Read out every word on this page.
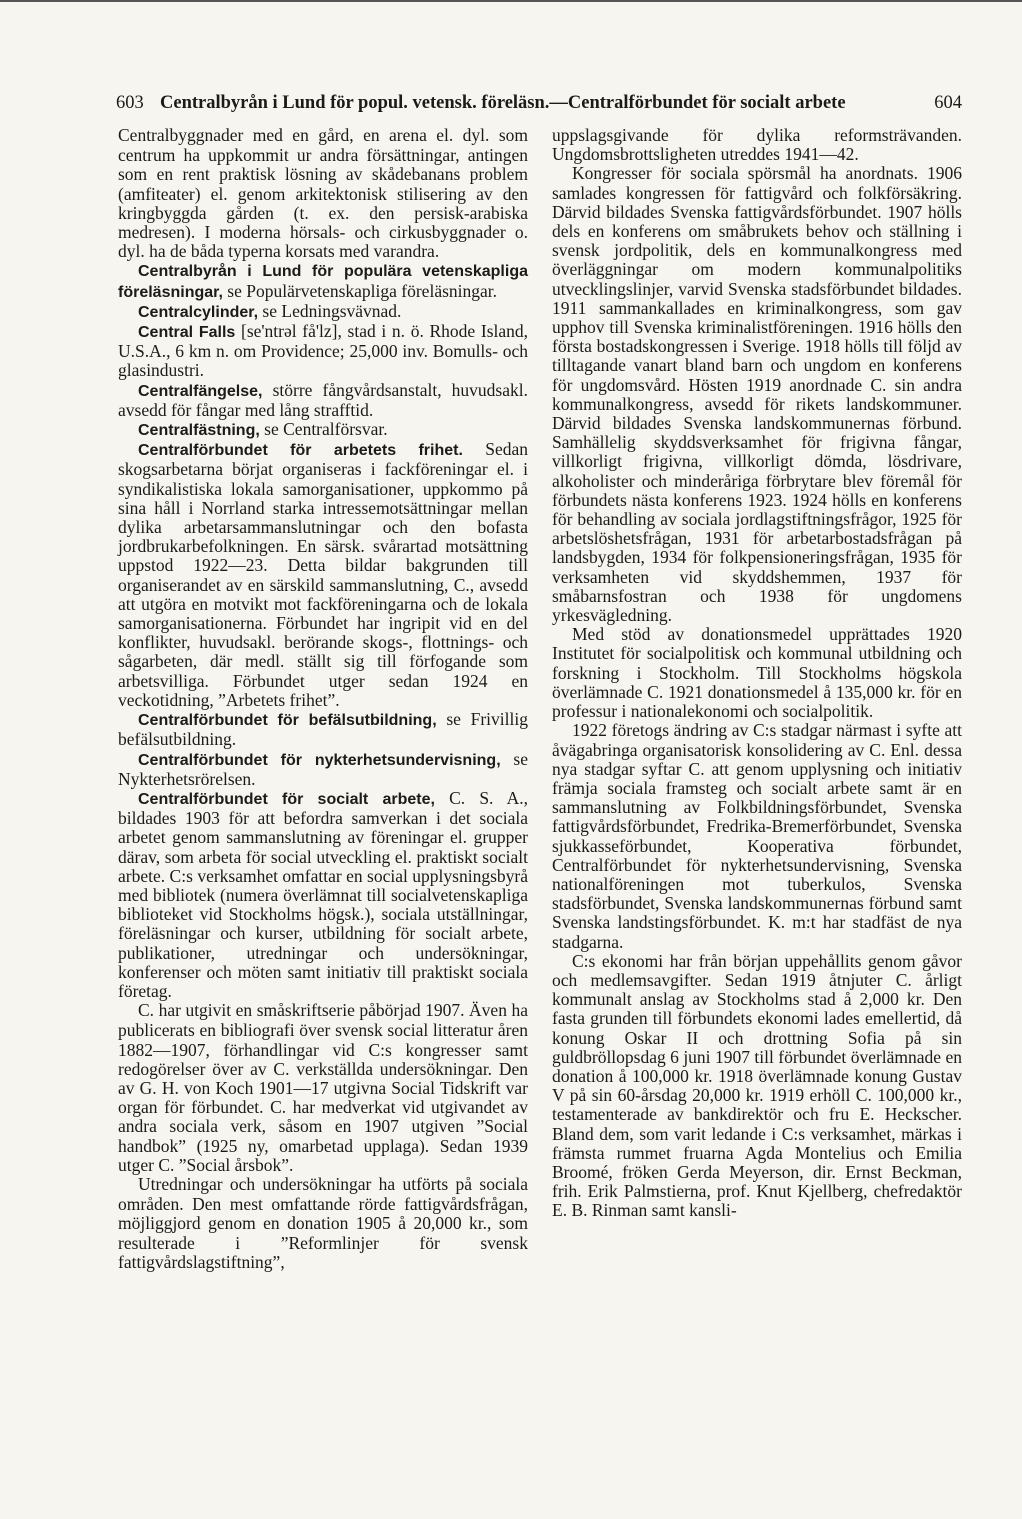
603 Centralbyrån i Lund för popul. vetensk. föreläsn.—Centralförbundet för socialt arbete	604

Centralbyggnader med en gård, en arena el. dyl. som centrum ha uppkommit ur andra försättningar, antingen som en rent praktisk lösning av skådebanans problem (amfiteater) el. genom arkitektonisk stilisering av den kringbyggda gården (t. ex. den persisk-arabiska medresen). I moderna hörsals- och cirkusbyggnader o. dyl. ha de båda typerna korsats med varandra.

Centralbyrån i Lund för populära vetenskapliga föreläsningar, se Populärvetenskapliga föreläsningar.

Centralcylinder, se Ledningsvävnad.

Central Falls [se'ntrəl få'lz], stad i n. ö. Rhode Island, U.S.A., 6 km n. om Providence; 25,000 inv. Bomulls- och glasindustri.

Centralfängelse, större fångvårdsanstalt, huvudsakl. avsedd för fångar med lång strafftid.

Centralfästning, se Centralförsvar.

Centralförbundet för arbetets frihet. Sedan skogsarbetarna börjat organiseras i fackföreningar el. i syndikalistiska lokala samorganisationer, uppkommo på sina håll i Norrland starka intressemotsättningar mellan dylika arbetarsammanslutningar och den bofasta jordbrukarbefolkningen. En särsk. svårartad motsättning uppstod 1922—23. Detta bildar bakgrunden till organiserandet av en särskild sammanslutning, C., avsedd att utgöra en motvikt mot fackföreningarna och de lokala samorganisationerna. Förbundet har ingripit vid en del konflikter, huvudsakl. berörande skogs-, flottnings- och sågarbeten, där medl. ställt sig till förfogande som arbetsvilliga. Förbundet utger sedan 1924 en veckotidning, ”Arbetets frihet”.

Centralförbundet för befälsutbildning, se Frivillig befälsutbildning.

Centralförbundet för nykterhetsundervisning, se Nykterhetsrörelsen.

Centralförbundet för socialt arbete, C. S. A., bildades 1903 för att befordra samverkan i det sociala arbetet genom sammanslutning av föreningar el. grupper därav, som arbeta för social utveckling el. praktiskt socialt arbete. C:s verksamhet omfattar en social upplysningsbyrå med bibliotek (numera överlämnat till socialvetenskapliga biblioteket vid Stockholms högsk.), sociala utställningar, föreläsningar och kurser, utbildning för socialt arbete, publikationer, utredningar och undersökningar, konferenser och möten samt initiativ till praktiskt sociala företag.

C. har utgivit en småskriftserie påbörjad 1907. Även ha publicerats en bibliografi över svensk social litteratur åren 1882—1907, förhandlingar vid C:s kongresser samt redogörelser över av C. verkställda undersökningar. Den av G. H. von Koch 1901—17 utgivna Social Tidskrift var organ för förbundet. C. har medverkat vid utgivandet av andra sociala verk, såsom en 1907 utgiven ”Social handbok” (1925 ny, omarbetad upplaga). Sedan 1939 utger C. ”Social årsbok”.

Utredningar och undersökningar ha utförts på sociala områden. Den mest omfattande rörde fattigvårdsfrågan, möjliggjord genom en donation 1905 å 20,000 kr., som resulterade i ”Reformlinjer för svensk fattigvårdslagstiftning”,

uppslagsgivande för dylika reformsträvanden. Ungdomsbrottsligheten utreddes 1941—42.

Kongresser för sociala spörsmål ha anordnats. 1906 samlades kongressen för fattigvård och folkförsäkring. Därvid bildades Svenska fattigvårdsförbundet. 1907 hölls dels en konferens om småbrukets behov och ställning i svensk jordpolitik, dels en kommunalkongress med överläggningar om modern kommunalpolitiks utvecklingslinjer, varvid Svenska stadsförbundet bildades. 1911 sammankallades en kriminalkongress, som gav upphov till Svenska kriminalistföreningen. 1916 hölls den första bostadskongressen i Sverige. 1918 hölls till följd av tilltagande vanart bland barn och ungdom en konferens för ungdomsvård. Hösten 1919 anordnade C. sin andra kommunalkongress, avsedd för rikets landskommuner. Därvid bildades Svenska landskommunernas förbund. Samhällelig skyddsverksamhet för frigivna fångar, villkorligt frigivna, villkorligt dömda, lösdrivare, alkoholister och minderåriga förbrytare blev föremål för förbundets nästa konferens 1923. 1924 hölls en konferens för behandling av sociala jordlagstiftningsfrågor, 1925 för arbetslöshetsfrågan, 1931 för arbetarbostadsfrågan på landsbygden, 1934 för folkpensioneringsfrågan, 1935 för verksamheten vid skyddshemmen, 1937 för småbarnsfostran och 1938 för ungdomens yrkesvägledning.

Med stöd av donationsmedel upprättades 1920 Institutet för socialpolitisk och kommunal utbildning och forskning i Stockholm. Till Stockholms högskola överlämnade C. 1921 donationsmedel å 135,000 kr. för en professur i nationalekonomi och socialpolitik.

1922 företogs ändring av C:s stadgar närmast i syfte att åvägabringa organisatorisk konsolidering av C. Enl. dessa nya stadgar syftar C. att genom upplysning och initiativ främja sociala framsteg och socialt arbete samt är en sammanslutning av Folkbildningsförbundet, Svenska fattigvårdsförbundet, Fredrika-Bremerförbundet, Svenska sjukkasseförbundet, Kooperativa förbundet, Centralförbundet för nykterhetsundervisning, Svenska nationalföreningen mot tuberkulos, Svenska stadsförbundet, Svenska landskommunernas förbund samt Svenska landstingsförbundet. K. m:t har stadfäst de nya stadgarna.

C:s ekonomi har från början uppehållits genom gåvor och medlemsavgifter. Sedan 1919 åtnjuter C. årligt kommunalt anslag av Stockholms stad å 2,000 kr. Den fasta grunden till förbundets ekonomi lades emellertid, då konung Oskar II och drottning Sofia på sin guldbröllopsdag 6 juni 1907 till förbundet överlämnade en donation å 100,000 kr. 1918 överlämnade konung Gustav V på sin 60-årsdag 20,000 kr. 1919 erhöll C. 100,000 kr., testamenterade av bankdirektör och fru E. Heckscher. Bland dem, som varit ledande i C:s verksamhet, märkas i främsta rummet fruarna Agda Montelius och Emilia Broomé, fröken Gerda Meyerson, dir. Ernst Beckman, frih. Erik Palmstierna, prof. Knut Kjellberg, chefredaktör E. B. Rinman samt kansli-
